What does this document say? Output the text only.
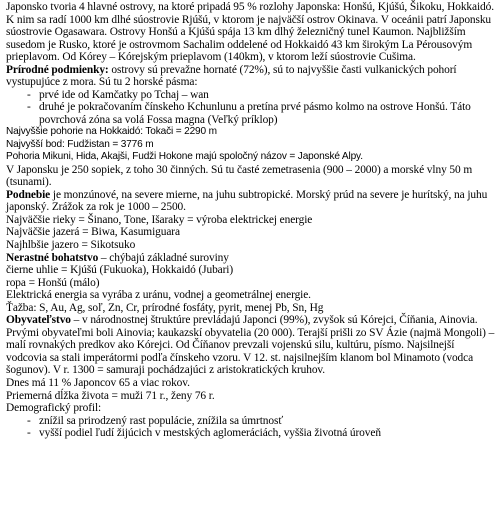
Japonsko tvoria 4 hlavné ostrovy, na ktoré pripadá 95 % rozlohy Japonska: Honšú, Kjúšú, Šikoku, Hokkaidó. K nim sa radí 1000 km dlhé súostrovie Rjúšú, v ktorom je najväčší ostrov Okinava. V oceánii patrí Japonsku súostrovie Ogasawara. Ostrovy Honšú a Kjúšú spája 13 km dlhý železničný tunel Kaumon. Najbližším susedom je Rusko, ktoré je ostrovmom Sachalim oddelené od Hokkaidó 43 km širokým La Pérousovým prieplavom. Od Kórey – Kórejským prieplavom (140km), v ktorom leží súostrovie Cušima.

Prírodné podmienky: ostrovy sú prevažne hornaté (72%), sú to najvyššie časti vulkanických pohorí vystupujúce z mora. Sú tu 2 horské pásma:

- prvé ide od Kamčatky po Tchaj – wan
- druhé je pokračovaním čínskeho Kchunlunu a pretína prvé pásmo kolmo na ostrove Honšú. Táto povrchová zóna sa volá Fossa magna (Veľký príklop)

Najvyššie pohorie na Hokkaidó: Tokači = 2290 m

Najvyšší bod: Fudžistan = 3776 m

Pohoria Mikuni, Hida, Akajši, Fudži Hokone majú spoločný názov = Japonské Alpy.

V Japonsku je 250 sopiek, z toho 30 činných. Sú tu časté zemetrasenia (900 – 2000) a morské vlny 50 m (tsunami).

Podnebie je monzúnové, na severe mierne, na juhu subtropické. Morský prúd na severe je hurítský, na juhu japonský. Zrážok za rok je 1000 – 2500.

Najväčšie rieky = Šinano, Tone, Išaraky = výroba elektrickej energie

Najväčšie jazerá = Biwa, Kasumiguara

Najhlbšie jazero = Sikotsuko

Nerastné bohatstvo – chýbajú základné suroviny

čierne uhlie = Kjúšú (Fukuoka), Hokkaidó (Jubari)

ropa = Honšú (málo)

Elektrická energia sa vyrába z uránu, vodnej a geometrálnej energie.

Ťažba: S, Au, Ag, soľ, Zn, Cr, prírodné fosfáty, pyrit, menej Pb, Sn, Hg

Obyvateľstvo – v národnostnej štruktúre prevládajú Japonci (99%), zvyšok sú Kórejci, Číňania, Ainovia. Prvými obyvateľmi boli Ainovia; kaukazskí obyvatelia (20 000). Terajší prišli zo SV Ázie (najmä Mongoli) – malí rovnakých predkov ako Kórejci. Od Číňanov prevzali vojenskú silu, kultúru, písmo. Najsilnejší vodcovia sa stali imperátormi podľa čínskeho vzoru. V 12. st. najsilnejším klanom bol Minamoto (vodca šogunov). V r. 1300 = samuraji pochádzajúci z aristokratických kruhov.

Dnes má 11 % Japoncov 65 a viac rokov.

Priemerná dĺžka života = muži 71 r., ženy 76 r.

Demografický profil:

- znížil sa prirodzený rast populácie, znížila sa úmrtnosť
- vyšší podiel ľudí žijúcich v mestských aglomeráciách, vyššia životná úroveň
